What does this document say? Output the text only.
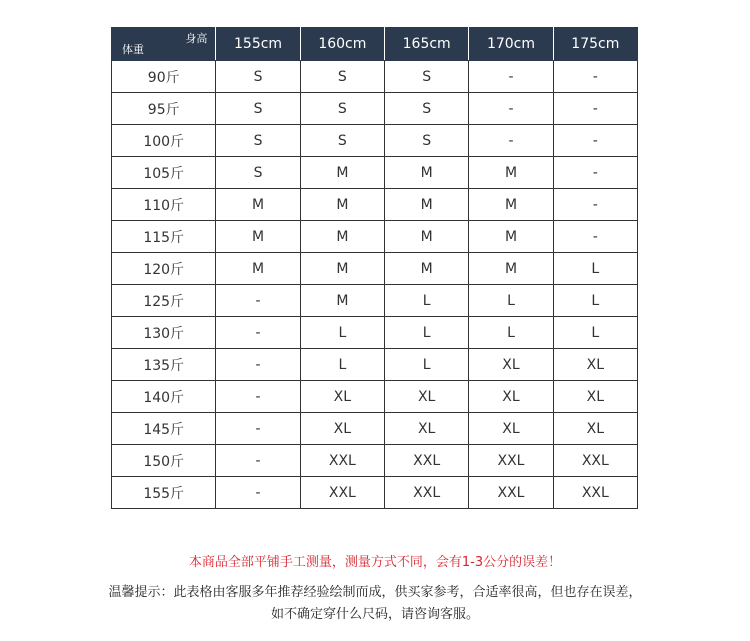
身高
体重	155cm	160cm	165cm	170cm	175cm
90斤	S	S	S	-	-
95斤	S	S	S	-	-
100斤	S	S	S	-	-
105斤	S	M	M	M	-
110斤	M	M	M	M	-
115斤	M	M	M	M	-
120斤	M	M	M	M	L
125斤	-	M	L	L	L
130斤	-	L	L	L	L
135斤	-	L	L	XL	XL
140斤	-	XL	XL	XL	XL
145斤	-	XL	XL	XL	XL
150斤	-	XXL	XXL	XXL	XXL
155斤	-	XXL	XXL	XXL	XXL
本商品全部平铺手工测量，测量方式不同，会有1-3公分的误差！
温馨提示：此表格由客服多年推荐经验绘制而成，供买家参考，合适率很高，但也存在误差，
如不确定穿什么尺码，请咨询客服。
